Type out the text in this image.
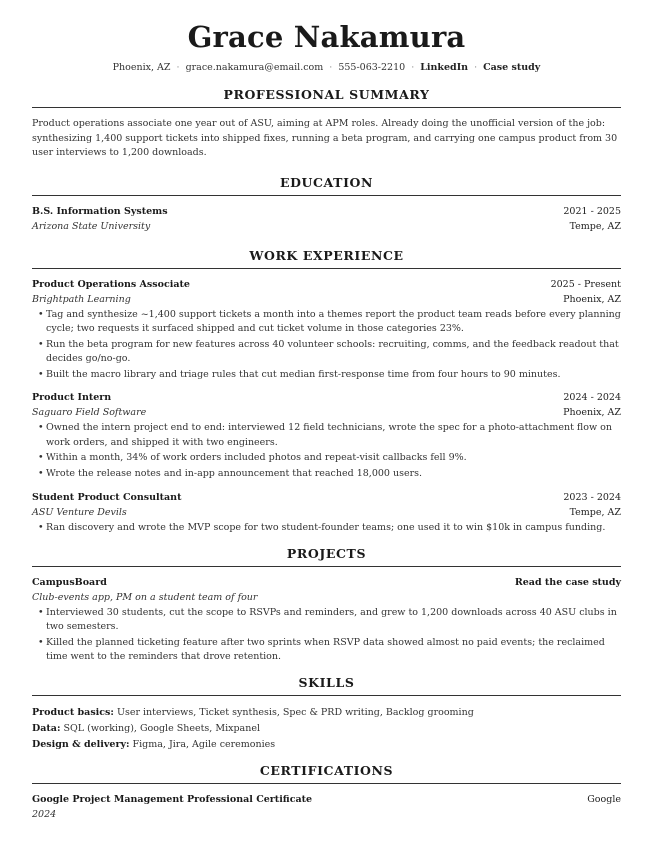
Grace Nakamura
Phoenix, AZ · grace.nakamura@email.com · 555-063-2210 · LinkedIn · Case study
PROFESSIONAL SUMMARY
Product operations associate one year out of ASU, aiming at APM roles. Already doing the unofficial version of the job: synthesizing 1,400 support tickets into shipped fixes, running a beta program, and carrying one campus product from 30 user interviews to 1,200 downloads.
EDUCATION
B.S. Information Systems	2021 - 2025
Arizona State University	Tempe, AZ
WORK EXPERIENCE
Product Operations Associate	2025 - Present
Brightpath Learning	Phoenix, AZ
• Tag and synthesize ~1,400 support tickets a month into a themes report the product team reads before every planning cycle; two requests it surfaced shipped and cut ticket volume in those categories 23%.
• Run the beta program for new features across 40 volunteer schools: recruiting, comms, and the feedback readout that decides go/no-go.
• Built the macro library and triage rules that cut median first-response time from four hours to 90 minutes.
Product Intern	2024 - 2024
Saguaro Field Software	Phoenix, AZ
• Owned the intern project end to end: interviewed 12 field technicians, wrote the spec for a photo-attachment flow on work orders, and shipped it with two engineers.
• Within a month, 34% of work orders included photos and repeat-visit callbacks fell 9%.
• Wrote the release notes and in-app announcement that reached 18,000 users.
Student Product Consultant	2023 - 2024
ASU Venture Devils	Tempe, AZ
• Ran discovery and wrote the MVP scope for two student-founder teams; one used it to win $10k in campus funding.
PROJECTS
CampusBoard	Read the case study
Club-events app, PM on a student team of four
• Interviewed 30 students, cut the scope to RSVPs and reminders, and grew to 1,200 downloads across 40 ASU clubs in two semesters.
• Killed the planned ticketing feature after two sprints when RSVP data showed almost no paid events; the reclaimed time went to the reminders that drove retention.
SKILLS
Product basics: User interviews, Ticket synthesis, Spec & PRD writing, Backlog grooming
Data: SQL (working), Google Sheets, Mixpanel
Design & delivery: Figma, Jira, Agile ceremonies
CERTIFICATIONS
Google Project Management Professional Certificate	Google
2024
